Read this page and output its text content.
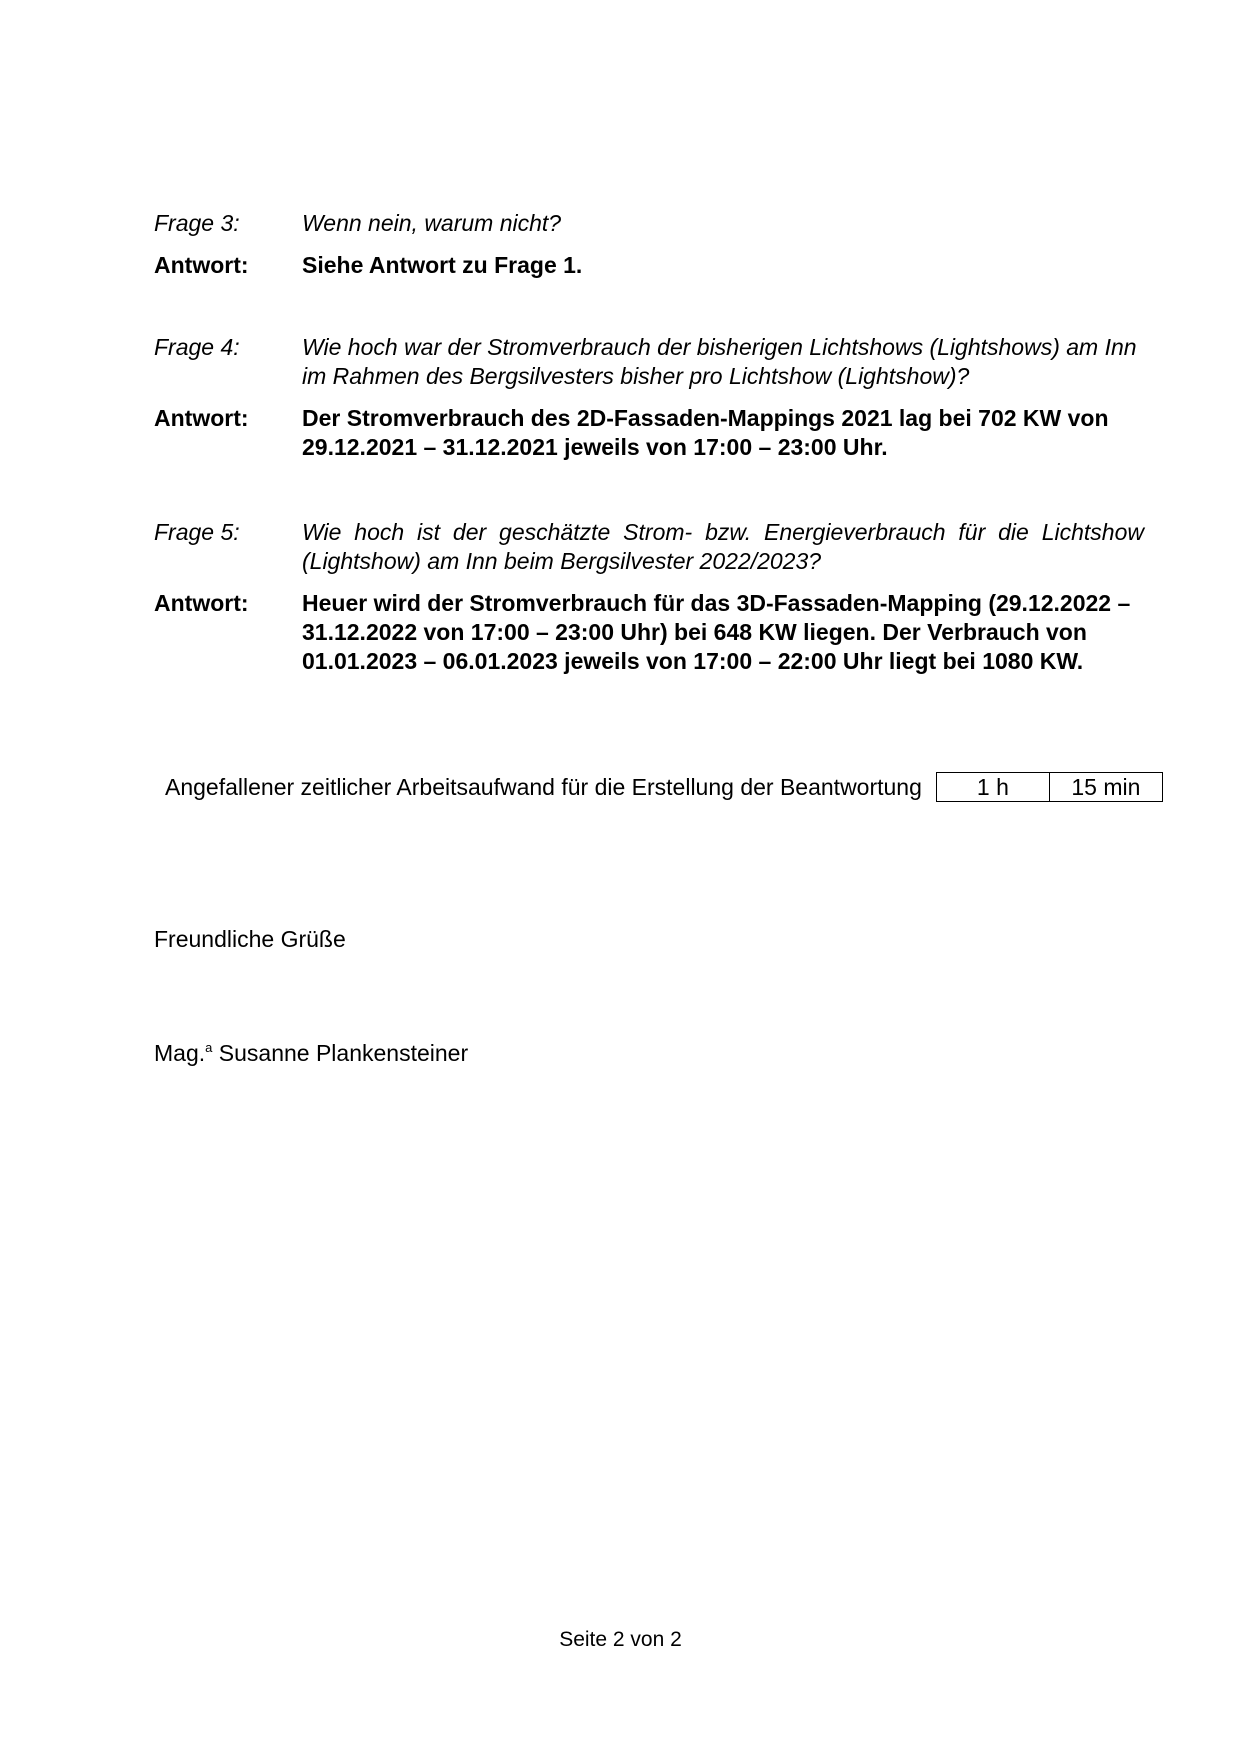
Frage 3:	Wenn nein, warum nicht?
Antwort:	Siehe Antwort zu Frage 1.
Frage 4:	Wie hoch war der Stromverbrauch der bisherigen Lichtshows (Lightshows) am Inn im Rahmen des Bergsilvesters bisher pro Lichtshow (Lightshow)?
Antwort:	Der Stromverbrauch des 2D-Fassaden-Mappings 2021 lag bei 702 KW von 29.12.2021 – 31.12.2021 jeweils von 17:00 – 23:00 Uhr.
Frage 5:	Wie hoch ist der geschätzte Strom- bzw. Energieverbrauch für die Lichtshow (Lightshow) am Inn beim Bergsilvester 2022/2023?
Antwort:	Heuer wird der Stromverbrauch für das 3D-Fassaden-Mapping (29.12.2022 – 31.12.2022 von 17:00 – 23:00 Uhr) bei 648 KW liegen. Der Verbrauch von 01.01.2023 – 06.01.2023 jeweils von 17:00 – 22:00 Uhr liegt bei 1080 KW.
Angefallener zeitlicher Arbeitsaufwand für die Erstellung der Beantwortung	1 h	15 min
Freundliche Grüße
Mag.$^a$ Susanne Plankensteiner
Seite 2 von 2
